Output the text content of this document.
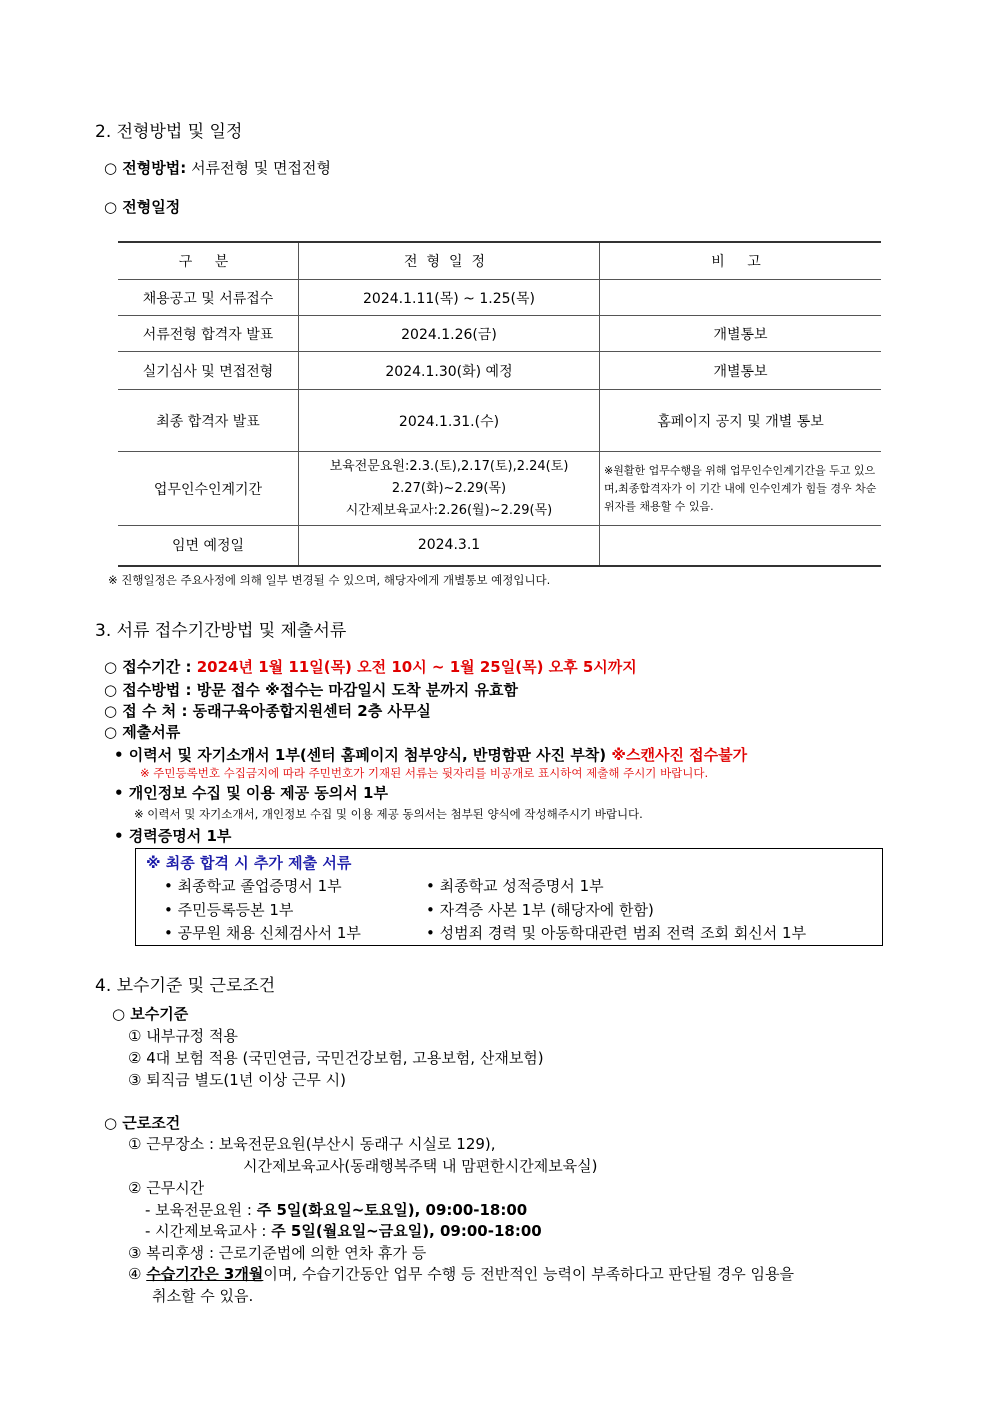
2. 전형방법 및 일정
○ 전형방법: 서류전형 및 면접전형
○ 전형일정
구 분	전형일정	비 고
채용공고 및 서류접수	2024.1.11(목) ~ 1.25(목)	
서류전형 합격자 발표	2024.1.26(금)	개별통보
실기심사 및 면접전형	2024.1.30(화) 예정	개별통보
최종 합격자 발표	2024.1.31.(수)	홈페이지 공지 및 개별 통보
업무인수인계기간	보육전문요원:2.3.(토),2.17(토),2.24(토)
2.27(화)~2.29(목)
시간제보육교사:2.26(월)~2.29(목)	※원활한 업무수행을 위해 업무인수인계기간을 두고 있으며,최종합격자가 이 기간 내에 인수인계가 힘들 경우 차순위자를 채용할 수 있음.
임면 예정일	2024.3.1	
※ 진행일정은 주요사정에 의해 일부 변경될 수 있으며, 해당자에게 개별통보 예정입니다.
3. 서류 접수기간방법 및 제출서류
○ 접수기간 : 2024년 1월 11일(목) 오전 10시 ~ 1월 25일(목) 오후 5시까지
○ 접수방법 : 방문 접수 ※접수는 마감일시 도착 분까지 유효함
○ 접 수 처 : 동래구육아종합지원센터 2층 사무실
○ 제출서류
• 이력서 및 자기소개서 1부(센터 홈페이지 첨부양식, 반명함판 사진 부착) ※스캔사진 접수불가
※ 주민등록번호 수집금지에 따라 주민번호가 기재된 서류는 뒷자리를 비공개로 표시하여 제출해 주시기 바랍니다.
• 개인정보 수집 및 이용 제공 동의서 1부
※ 이력서 및 자기소개서, 개인정보 수집 및 이용 제공 동의서는 첨부된 양식에 작성해주시기 바랍니다.
• 경력증명서 1부
※ 최종 합격 시 추가 제출 서류
• 최종학교 졸업증명서 1부
• 주민등록등본 1부
• 공무원 채용 신체검사서 1부
• 최종학교 성적증명서 1부
• 자격증 사본 1부 (해당자에 한함)
• 성범죄 경력 및 아동학대관련 범죄 전력 조회 회신서 1부
4. 보수기준 및 근로조건
○ 보수기준
① 내부규정 적용
② 4대 보험 적용 (국민연금, 국민건강보험, 고용보험, 산재보험)
③ 퇴직금 별도(1년 이상 근무 시)
○ 근로조건
① 근무장소 : 보육전문요원(부산시 동래구 시실로 129),
시간제보육교사(동래행복주택 내 맘편한시간제보육실)
② 근무시간
- 보육전문요원 : 주 5일(화요일~토요일), 09:00-18:00
- 시간제보육교사 : 주 5일(월요일~금요일), 09:00-18:00
③ 복리후생 : 근로기준법에 의한 연차 휴가 등
④ 수습기간은 3개월이며, 수습기간동안 업무 수행 등 전반적인 능력이 부족하다고 판단될 경우 임용을
취소할 수 있음.
